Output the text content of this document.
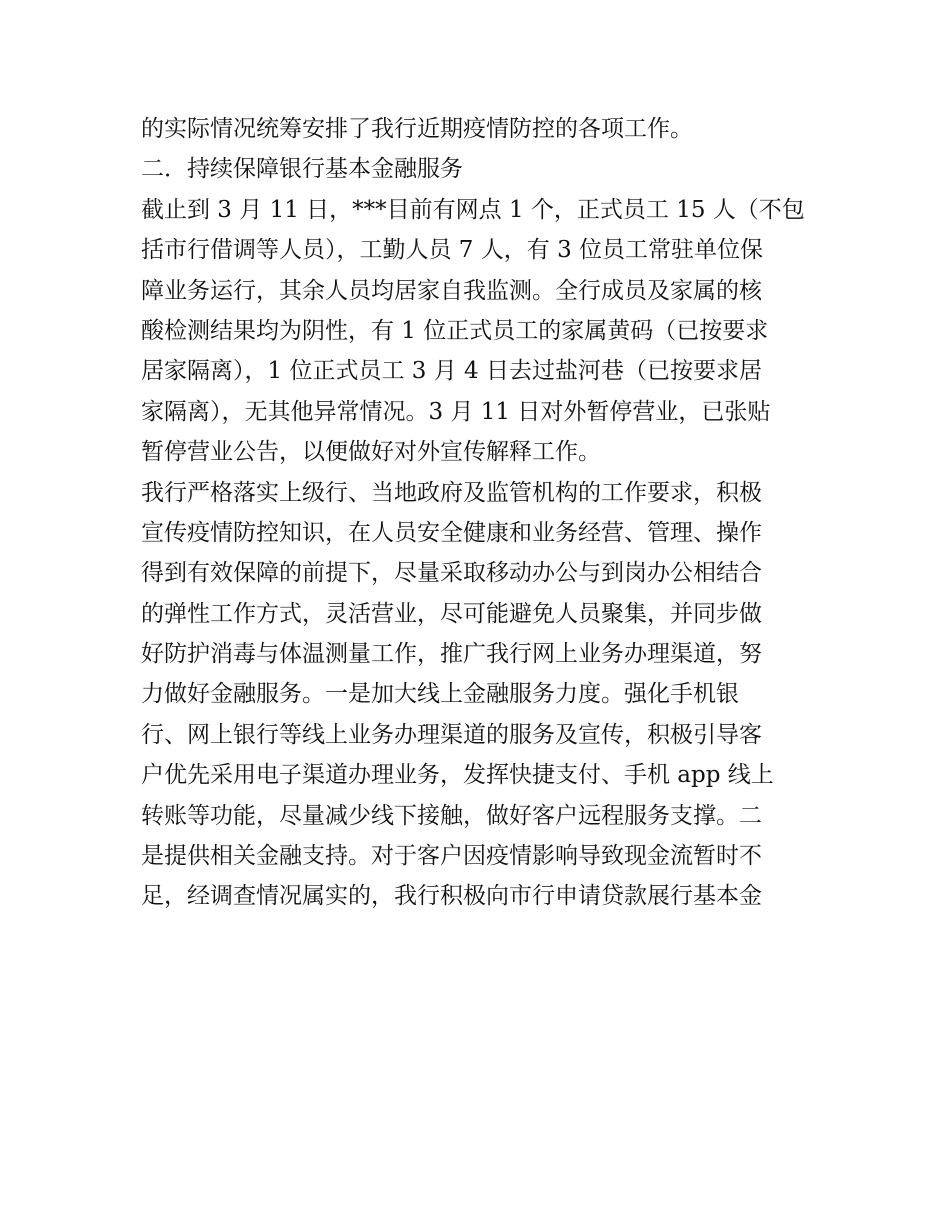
的实际情况统筹安排了我行近期疫情防控的各项工作。
二．持续保障银行基本金融服务
截止到 3 月 11 日，***目前有网点 1 个，正式员工 15 人（不包
括市行借调等人员），工勤人员 7 人，有 3 位员工常驻单位保
障业务运行，其余人员均居家自我监测。全行成员及家属的核
酸检测结果均为阴性，有 1 位正式员工的家属黄码（已按要求
居家隔离），1 位正式员工 3 月 4 日去过盐河巷（已按要求居
家隔离），无其他异常情况。3 月 11 日对外暂停营业，已张贴
暂停营业公告，以便做好对外宣传解释工作。
我行严格落实上级行、当地政府及监管机构的工作要求，积极
宣传疫情防控知识，在人员安全健康和业务经营、管理、操作
得到有效保障的前提下，尽量采取移动办公与到岗办公相结合
的弹性工作方式，灵活营业，尽可能避免人员聚集，并同步做
好防护消毒与体温测量工作，推广我行网上业务办理渠道，努
力做好金融服务。一是加大线上金融服务力度。强化手机银
行、网上银行等线上业务办理渠道的服务及宣传，积极引导客
户优先采用电子渠道办理业务，发挥快捷支付、手机 app 线上
转账等功能，尽量减少线下接触，做好客户远程服务支撑。二
是提供相关金融支持。对于客户因疫情影响导致现金流暂时不
足，经调查情况属实的，我行积极向市行申请贷款展行基本金
